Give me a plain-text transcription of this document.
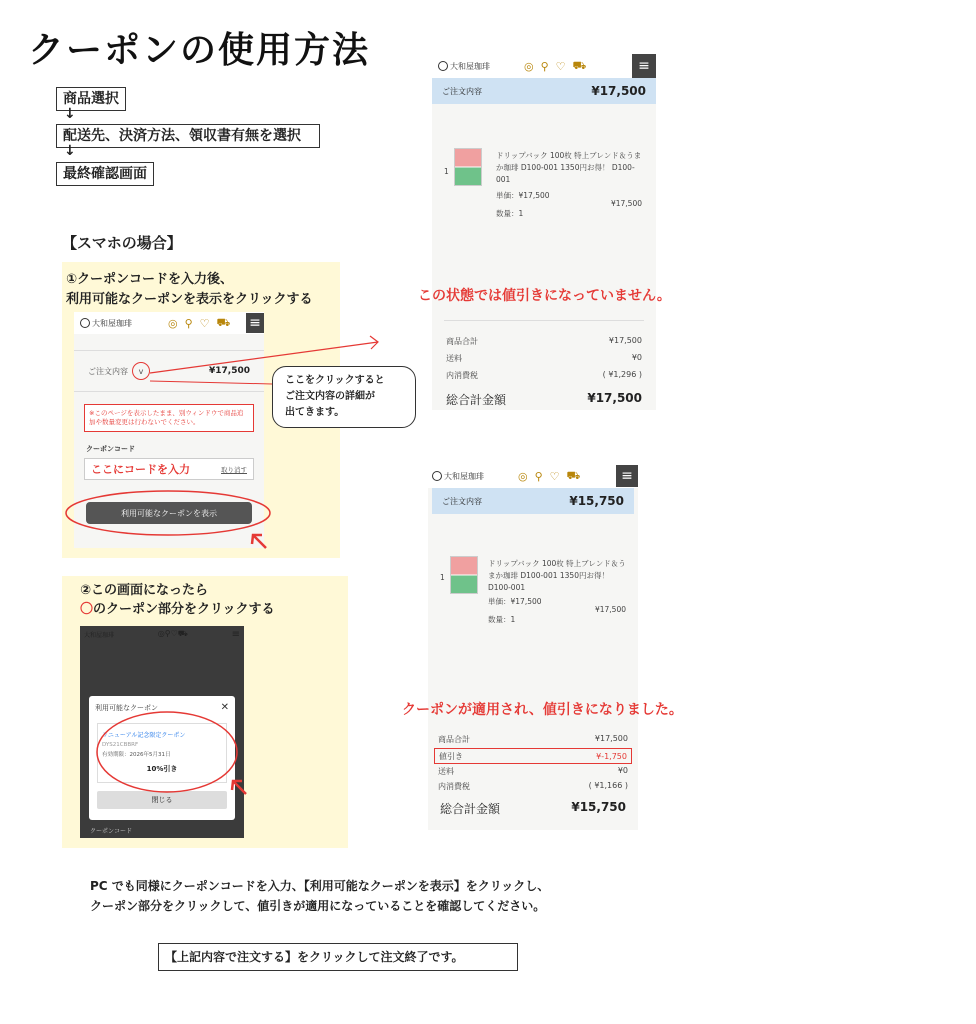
クーポンの使用方法
商品選択
↓
配送先、決済方法、領収書有無を選択
↓
最終確認画面
【スマホの場合】
①クーポンコードを入力後、
利用可能なクーポンを表示をクリックする
大和屋珈琲	◎ ⚲ ♡ ⛟ ≡
ご注文内容	v	¥17,500
※このページを表示したまま、別ウィンドウで商品追加や数量変更は行わないでください。
クーポンコード
ここにコードを入力	取り消す
利用可能なクーポンを表示
ここをクリックすると
ご注文内容の詳細が
出てきます。
②この画面になったら
〇のクーポン部分をクリックする
大和屋珈琲	◎⚲♡⛟	≡
利用可能なクーポン	✕
リニューアル記念限定クーポン
DYS21CBBRF
有効期限：2026年5月31日
10%引き
閉じる
クーポンコード
大和屋珈琲	◎ ⚲ ♡ ⛟	≡
ご注文内容	¥17,500
1
ドリップバック 100枚 特上ブレンド＆うまか珈琲 D100-001 1350円お得！ D100-001
単価：¥17,500
数量：1
¥17,500
商品合計	¥17,500
送料	¥0
内消費税	( ¥1,296 )
総合計金額	¥17,500
この状態では値引きになっていません。
大和屋珈琲	◎ ⚲ ♡ ⛟	≡
ご注文内容	¥15,750
1
ドリップバック 100枚 特上ブレンド＆うまか珈琲 D100-001 1350円お得！ D100-001
単価：¥17,500
数量：1
¥17,500
商品合計	¥17,500
値引き	¥-1,750
送料	¥0
内消費税	( ¥1,166 )
総合計金額	¥15,750
クーポンが適用され、値引きになりました。
PC でも同様にクーポンコードを入力、【利用可能なクーポンを表示】をクリックし、
クーポン部分をクリックして、値引きが適用になっていることを確認してください。
【上記内容で注文する】をクリックして注文終了です。
